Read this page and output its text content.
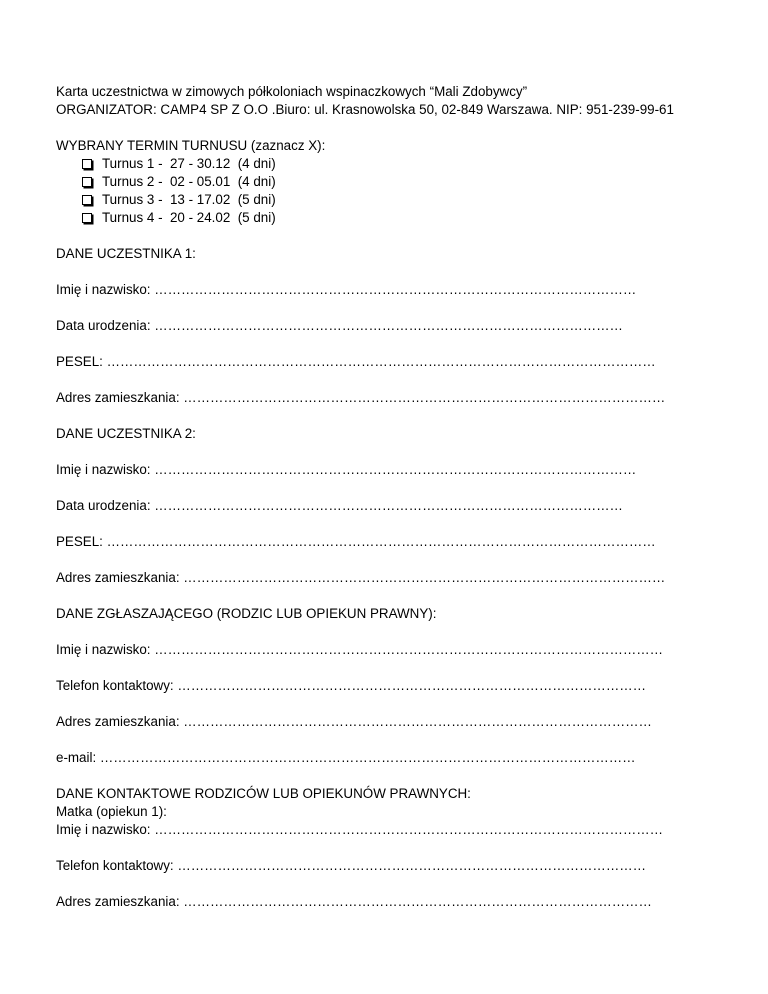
Karta uczestnictwa w zimowych półkoloniach wspinaczkowych “Mali Zdobywcy”
ORGANIZATOR: CAMP4 SP Z O.O .Biuro: ul. Krasnowolska 50, 02-849 Warszawa. NIP: 951-239-99-61
WYBRANY TERMIN TURNUSU (zaznacz X):

Turnus 1 -  27 - 30.12  (4 dni)

Turnus 2 -  02 - 05.01  (4 dni)

Turnus 3 -  13 - 17.02  (5 dni)

Turnus 4 -  20 - 24.02  (5 dni)

DANE UCZESTNIKA 1:
Imię i nazwisko: ………………………………………………………………………………………………
Data urodzenia: ……………………………………………………………………………………………
PESEL: ……………………………………………………………………………………………………………
Adres zamieszkania: ………………………………………………………………………………………………
DANE UCZESTNIKA 2:
Imię i nazwisko: ………………………………………………………………………………………………
Data urodzenia: ……………………………………………………………………………………………
PESEL: ……………………………………………………………………………………………………………
Adres zamieszkania: ………………………………………………………………………………………………
DANE ZGŁASZAJĄCEGO (RODZIC LUB OPIEKUN PRAWNY):
Imię i nazwisko: ……………………………………………………………………………………………………
Telefon kontaktowy: ……………………………………………………………………………………………
Adres zamieszkania: ……………………………………………………………………………………………
e-mail: …………………………………………………………………………………………………………
DANE KONTAKTOWE RODZICÓW LUB OPIEKUNÓW PRAWNYCH:
Matka (opiekun 1):
Imię i nazwisko: ……………………………………………………………………………………………………
Telefon kontaktowy: ……………………………………………………………………………………………
Adres zamieszkania: ……………………………………………………………………………………………
